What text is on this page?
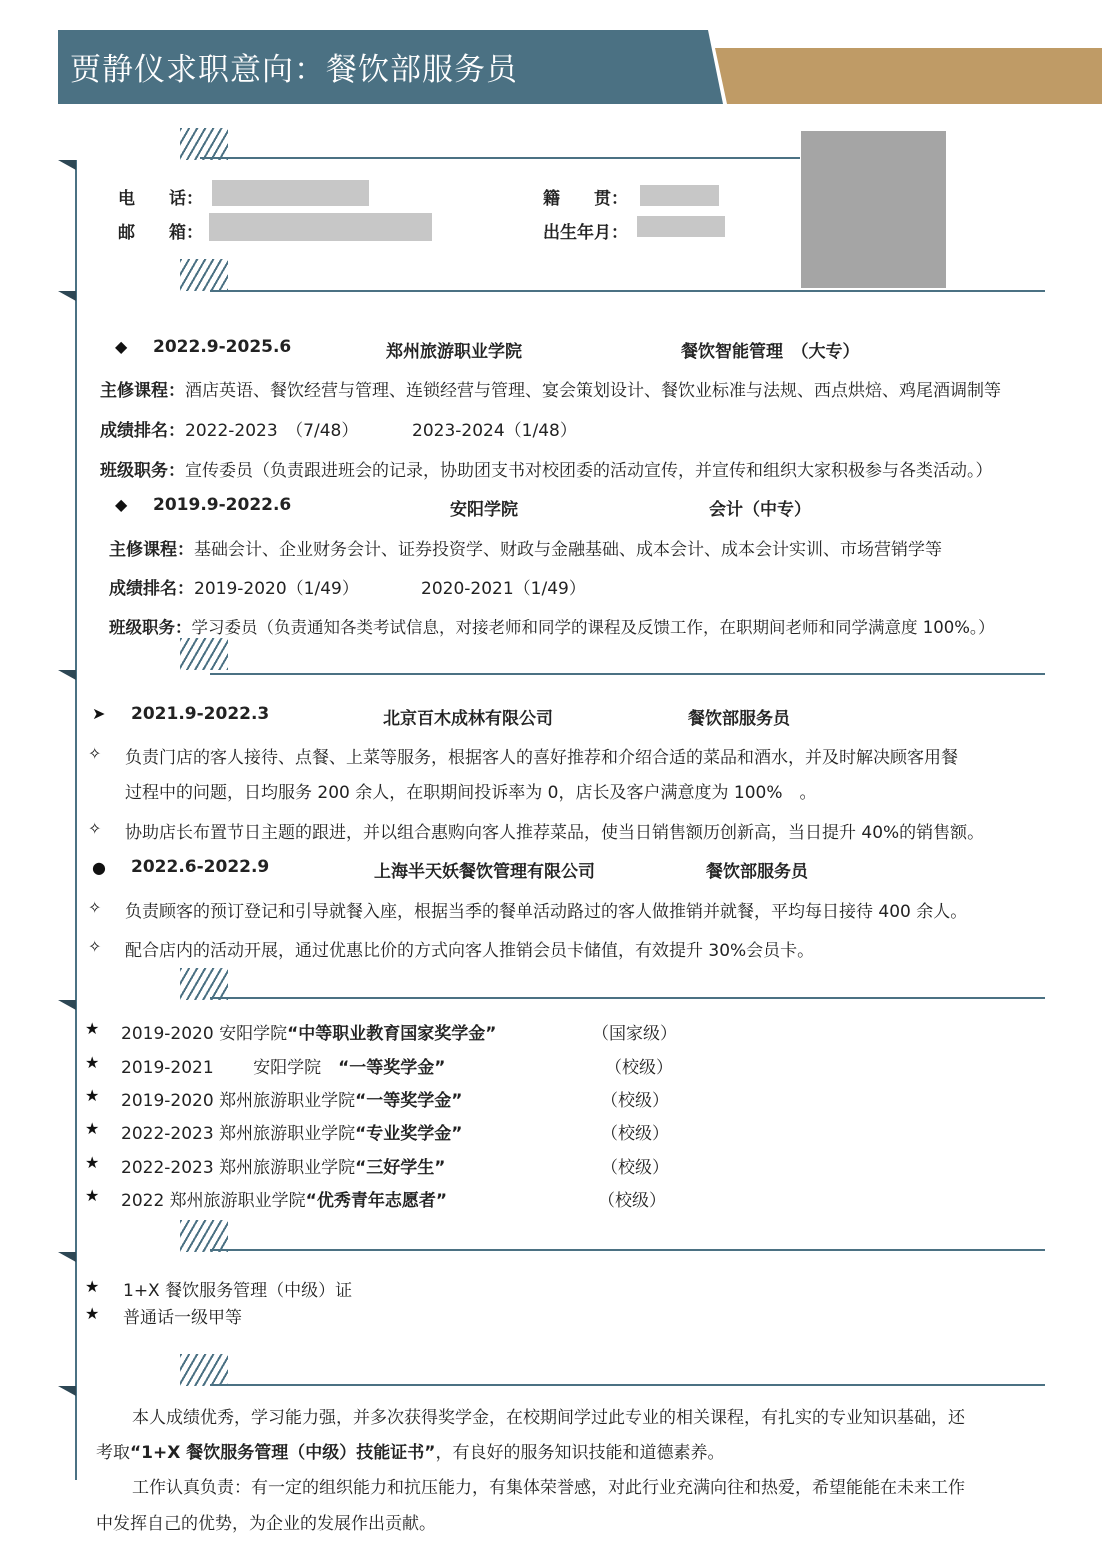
贾静仪求职意向：餐饮部服务员
基本信息
电　　话：
邮　　箱：
籍　　贯：
出生年月：
教育背景
◆ 2022.9-2025.6	郑州旅游职业学院	餐饮智能管理　（大专）
主修课程：酒店英语、餐饮经营与管理、连锁经营与管理、宴会策划设计、餐饮业标准与法规、西点烘焙、鸡尾酒调制等
成绩排名：2022-2023　（7/48）	2023-2024（1/48）
班级职务：宣传委员（负责跟进班会的记录，协助团支书对校团委的活动宣传，并宣传和组织大家积极参与各类活动。）
◆ 2019.9-2022.6	安阳学院	会计（中专）
主修课程：基础会计、企业财务会计、证券投资学、财政与金融基础、成本会计、成本会计实训、市场营销学等
成绩排名：2019-2020（1/49）	2020-2021（1/49）
班级职务：学习委员（负责通知各类考试信息，对接老师和同学的课程及反馈工作，在职期间老师和同学满意度 100%。）
实习经历
➤ 2021.9-2022.3	北京百木成林有限公司	餐饮部服务员
✧ 负责门店的客人接待、点餐、上菜等服务，根据客人的喜好推荐和介绍合适的菜品和酒水，并及时解决顾客用餐
过程中的问题，日均服务 200 余人，在职期间投诉率为 0，店长及客户满意度为 100%　。
✧ 协助店长布置节日主题的跟进，并以组合惠购向客人推荐菜品，使当日销售额历创新高，当日提升 40%的销售额。
● 2022.6-2022.9	上海半天妖餐饮管理有限公司	餐饮部服务员
✧ 负责顾客的预订登记和引导就餐入座，根据当季的餐单活动路过的客人做推销并就餐，平均每日接待 400 余人。
✧ 配合店内的活动开展，通过优惠比价的方式向客人推销会员卡储值，有效提升 30%会员卡。
荣誉证书
★ 2019-2020 安阳学院“中等职业教育国家奖学金”	（国家级）
★ 2019-2021　　 安阳学院　 “一等奖学金”	（校级）
★ 2019-2020 郑州旅游职业学院“一等奖学金”	（校级）
★ 2022-2023 郑州旅游职业学院“专业奖学金”	（校级）
★ 2022-2023 郑州旅游职业学院“三好学生”	（校级）
★ 2022 郑州旅游职业学院“优秀青年志愿者”	（校级）
技能证书
★ 1+X 餐饮服务管理（中级）证
★ 普通话一级甲等
自我评价
本人成绩优秀，学习能力强，并多次获得奖学金，在校期间学过此专业的相关课程，有扎实的专业知识基础，还
考取“1+X 餐饮服务管理（中级）技能证书”，有良好的服务知识技能和道德素养。
工作认真负责：有一定的组织能力和抗压能力，有集体荣誉感，对此行业充满向往和热爱，希望能能在未来工作
中发挥自己的优势，为企业的发展作出贡献。
